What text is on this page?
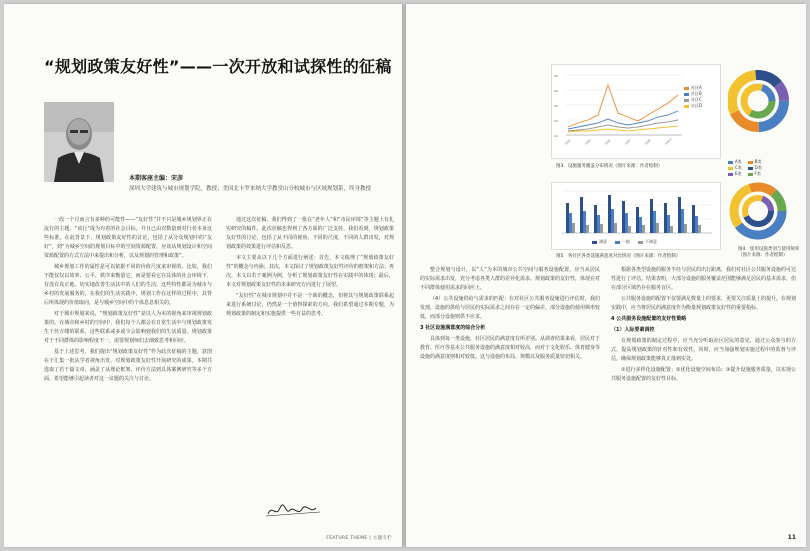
“规划政策友好性”——一次开放和试探性的征稿
本期客座主编：宋彦
深圳大学建筑与城市规划学院，教授；美国北卡罗来纳大学教堂山分校城市与区域规划系，终身教授

一段一个月而言有多种的可能性——“友好性”并不只是城乡规划界正在流行的主题。“该行”成为有着的社会目标，并且已由对数量到对行者本身这些标准。在此背景下，规划政策友好性的讨论，包括了从分众规划中的“友好”，到“为城乡空间的规划目标中的空间资源配置，应该从规划设计和空间资源配置的方式方法中来提出和分析，以及规划的管理和政策”。

城乡规划工作的属性是可以依据不同的价值尺度来审视的。比如，我们不能仅仅以效率、公平、秩序来衡量它，而是要看它在具体的社会环境下，有没有真正地、切实地改善生活其中的人们的生活。这些特性都是为城市与乡村的发展服务的，在我们的生活实践中，规划工作在这样的过程中，其背后所体现的价值取向，是与城乡空间中的个体息息相关的。

对于城市规划来说，“规划政策友好性”是以人为本的视角来审视规划政策的。在城市和乡村的空间中，我们每个人都会在日常生活中与规划政策发生千丝万缕的联系，这些联系或多或少会影响到我们的生活质量。规划政策对于不同群体的影响程度不一，需要规划师们去细致思考和回应。

基于上述思考，我们提出“规划政策友好性”作为此次征稿的主题，意图在于汇集一批从学者视角出发、对规划政策友好性开展研究的成果。本期共选取了若干篇文章，涵盖了从理论框架、评价方法到具体案例研究等多个方面，希望能够引起读者对这一议题的关注与讨论。

通过这次征稿，我们得到了一批在“老年人”和“市民环境”等主题上有扎实研究的稿件。此次征稿也得到了各方面的广泛支持。我们看到，规划政策友好性的讨论，包括了从不同的视角、不同的尺度、不同的人群出发，对规划政策的效果进行评估和反思。

本文主要从以下几个方面进行阐述：首先，本文梳理了“规划政策友好性”的概念与内涵；其次，本文探讨了规划政策友好性评价的框架和方法；再次，本文以若干案例为例，分析了规划政策友好性在实践中的体现；最后，本文对规划政策友好性的未来研究方向进行了展望。

“友好性”在城市规划中并不是一个新的概念，但将其与规划政策联系起来进行系统讨论，仍然是一个值得探索的方向。我们希望通过本期专题，为规划政策的制定和实施提供一些有益的思考。

FEATURE THEME | 主题专栏
50
40
30
20
10
设施1	设施3	设施5	设施7	设施9	设施11
社区A
社区B
社区C
社区D
图3　设施服务覆盖分布情况（图片来源：作者绘制）
A类	B类
C类	D类
E类	F类
图4　使用设施类别与使用频率（图片来源：作者绘制）
满意	一般	不满意
图5　各社区各类设施满意度对比情况（图片来源：作者绘制）

整合规划与设计，以“人”为本的城市公共空间与服务设施配置，应当从居民的实际需求出发，充分考虑各类人群的差异化需求。规划政策的友好性，体现在对不同群体使用需求的回应上。

（4）公共设施供给与需求的匹配：在对社区公共服务设施进行评估时，我们发现，设施的供给与居民的实际需求之间存在一定的偏差。部分设施的使用频率较低，而部分设施则供不应求。

3 社区设施满意度的综合分析

具体到每一类设施，社区居民的满意度有所差别。从调查结果来看，居民对于教育、医疗等基本公共服务设施的满意度相对较高，而对于文化娱乐、体育健身等设施的满意度则相对较低。这与设施的布局、规模以及服务质量密切相关。

根据各类型设施的服务半径与居民的出行距离，我们对社区公共服务设施的可达性进行了评估。结果表明，大部分设施的服务覆盖范围能够满足居民的基本需求，但在部分区域仍存在服务盲区。

公共服务设施的配置不仅要满足数量上的要求，更要关注质量上的提升。在规划实践中，应当将居民的满意度作为衡量规划政策友好性的重要指标。

4 公共服务设施配置的友好性策略

（1）人际要素调控

在规划政策的制定过程中，应当充分听取社区居民的意见，通过公众参与的方式，提高规划政策的针对性和有效性。同时，应当加强规划实施过程中的监督与评估，确保规划政策能够真正落到实处。

①进行多样化设施配置；②优化设施空间布局；③提升设施服务质量，以实现公共服务设施配置的友好性目标。

11
